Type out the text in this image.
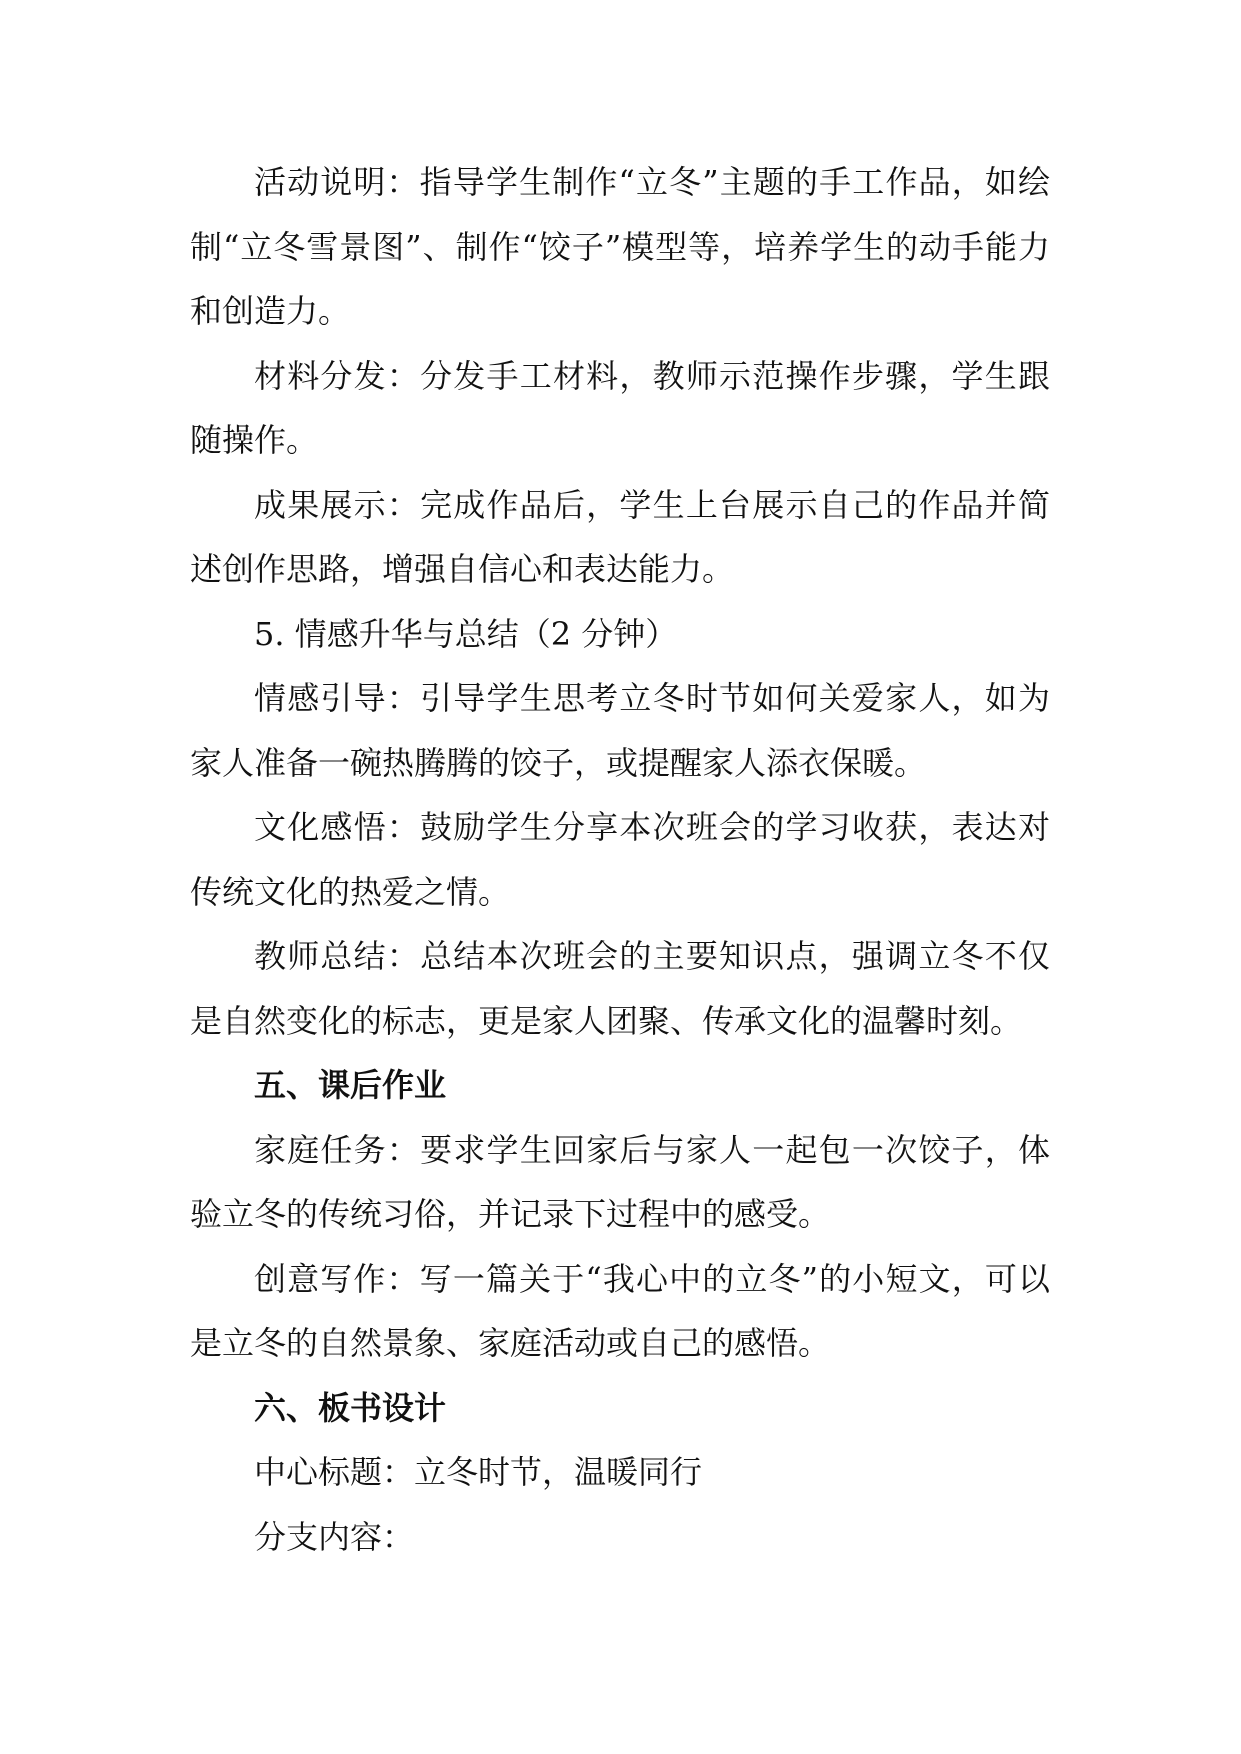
活动说明：指导学生制作“立冬”主题的手工作品，如绘制“立冬雪景图”、制作“饺子”模型等，培养学生的动手能力和创造力。

材料分发：分发手工材料，教师示范操作步骤，学生跟随操作。

成果展示：完成作品后，学生上台展示自己的作品并简述创作思路，增强自信心和表达能力。

5. 情感升华与总结（2 分钟）

情感引导：引导学生思考立冬时节如何关爱家人，如为家人准备一碗热腾腾的饺子，或提醒家人添衣保暖。

文化感悟：鼓励学生分享本次班会的学习收获，表达对传统文化的热爱之情。

教师总结：总结本次班会的主要知识点，强调立冬不仅是自然变化的标志，更是家人团聚、传承文化的温馨时刻。

五、课后作业

家庭任务：要求学生回家后与家人一起包一次饺子，体验立冬的传统习俗，并记录下过程中的感受。

创意写作：写一篇关于“我心中的立冬”的小短文，可以是立冬的自然景象、家庭活动或自己的感悟。

六、板书设计

中心标题：立冬时节，温暖同行

分支内容：
